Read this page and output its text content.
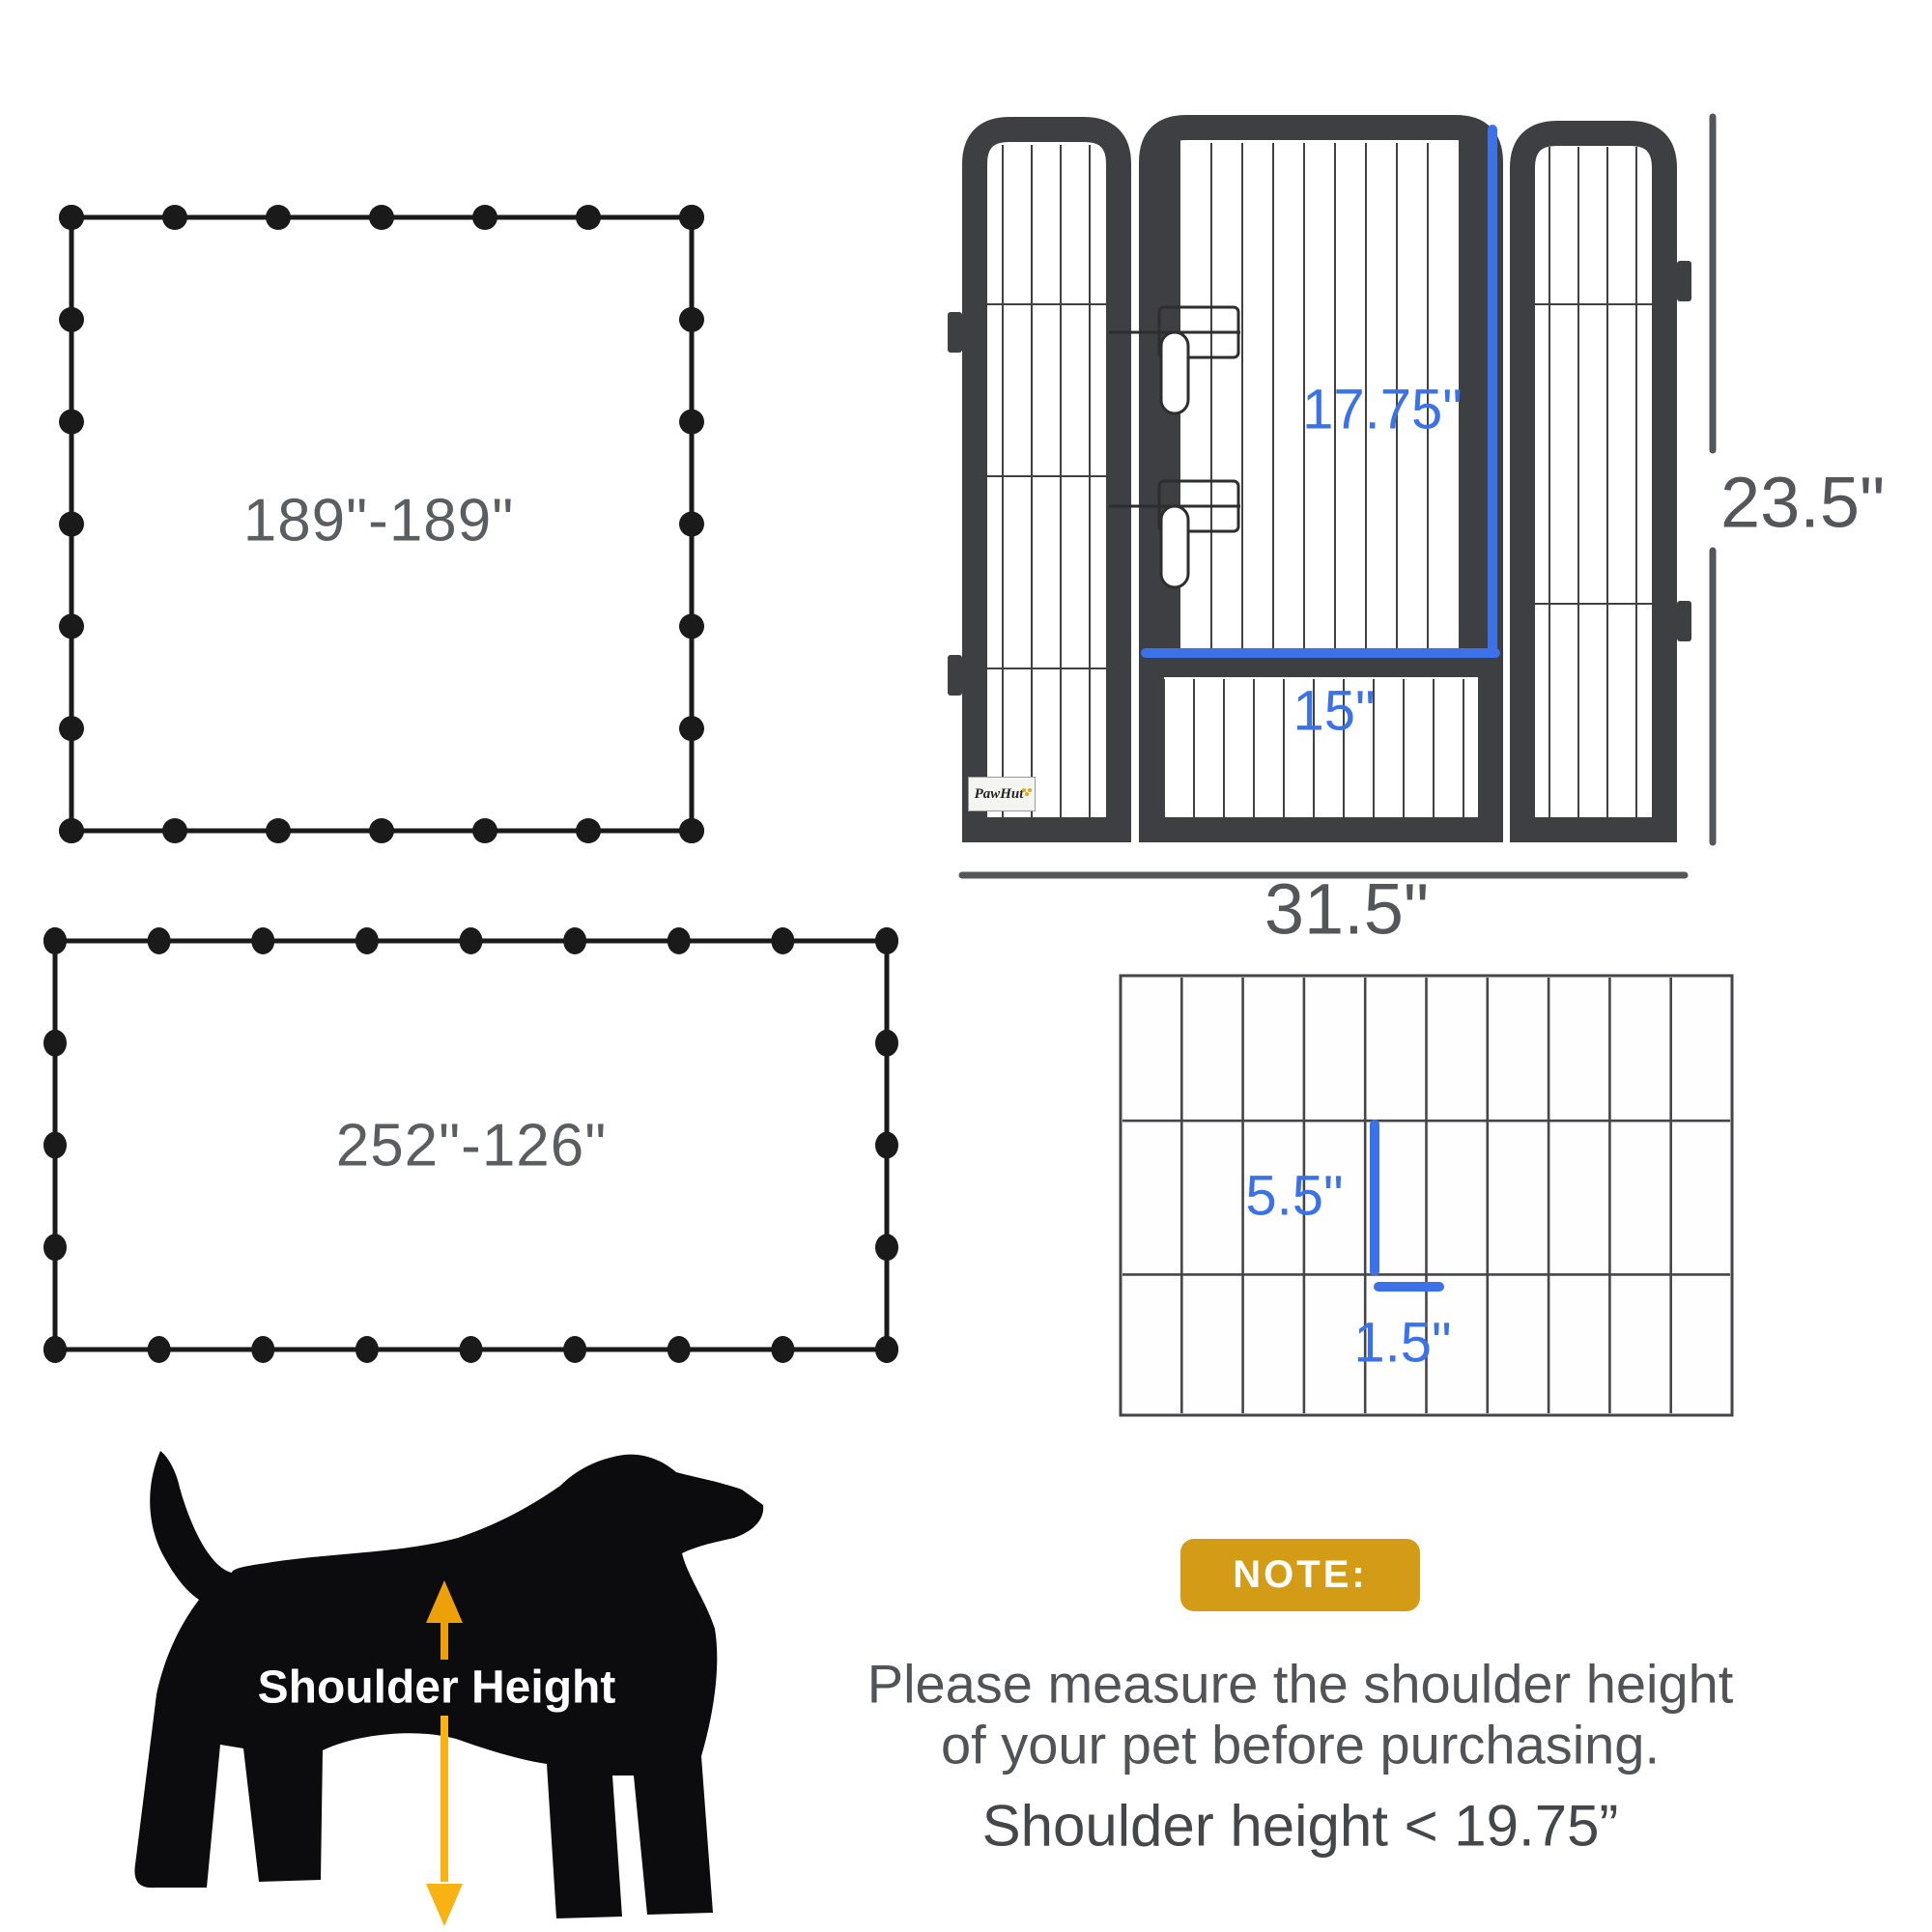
189"-189"
252"-126"
17.75"
15"
23.5"
31.5"
5.5"
1.5"
PawHut
Shoulder Height
NOTE:
Please measure the shoulder height
of your pet before purchasing.
Shoulder height < 19.75”
